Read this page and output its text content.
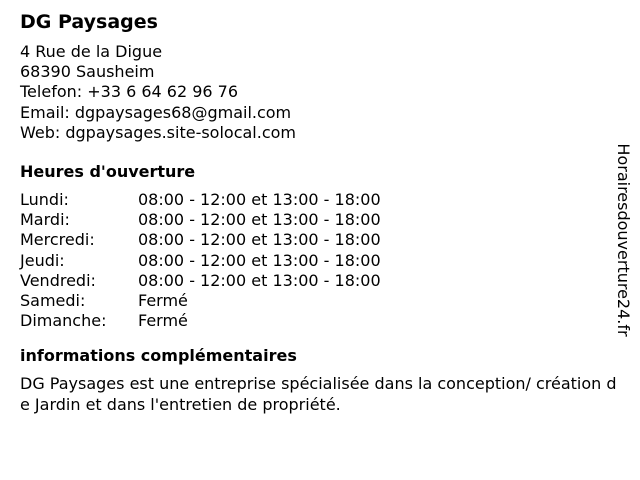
DG Paysages
4 Rue de la Digue
68390 Sausheim
Telefon: +33 6 64 62 96 76
Email: dgpaysages68@gmail.com
Web: dgpaysages.site-solocal.com
Heures d'ouverture
Lundi:	08:00 - 12:00 et 13:00 - 18:00
Mardi:	08:00 - 12:00 et 13:00 - 18:00
Mercredi:	08:00 - 12:00 et 13:00 - 18:00
Jeudi:	08:00 - 12:00 et 13:00 - 18:00
Vendredi:	08:00 - 12:00 et 13:00 - 18:00
Samedi:	Fermé
Dimanche:	Fermé
informations complémentaires
DG Paysages est une entreprise spécialisée dans la conception/ création de Jardin et dans l'entretien de propriété.
Horairesdouverture24.fr
